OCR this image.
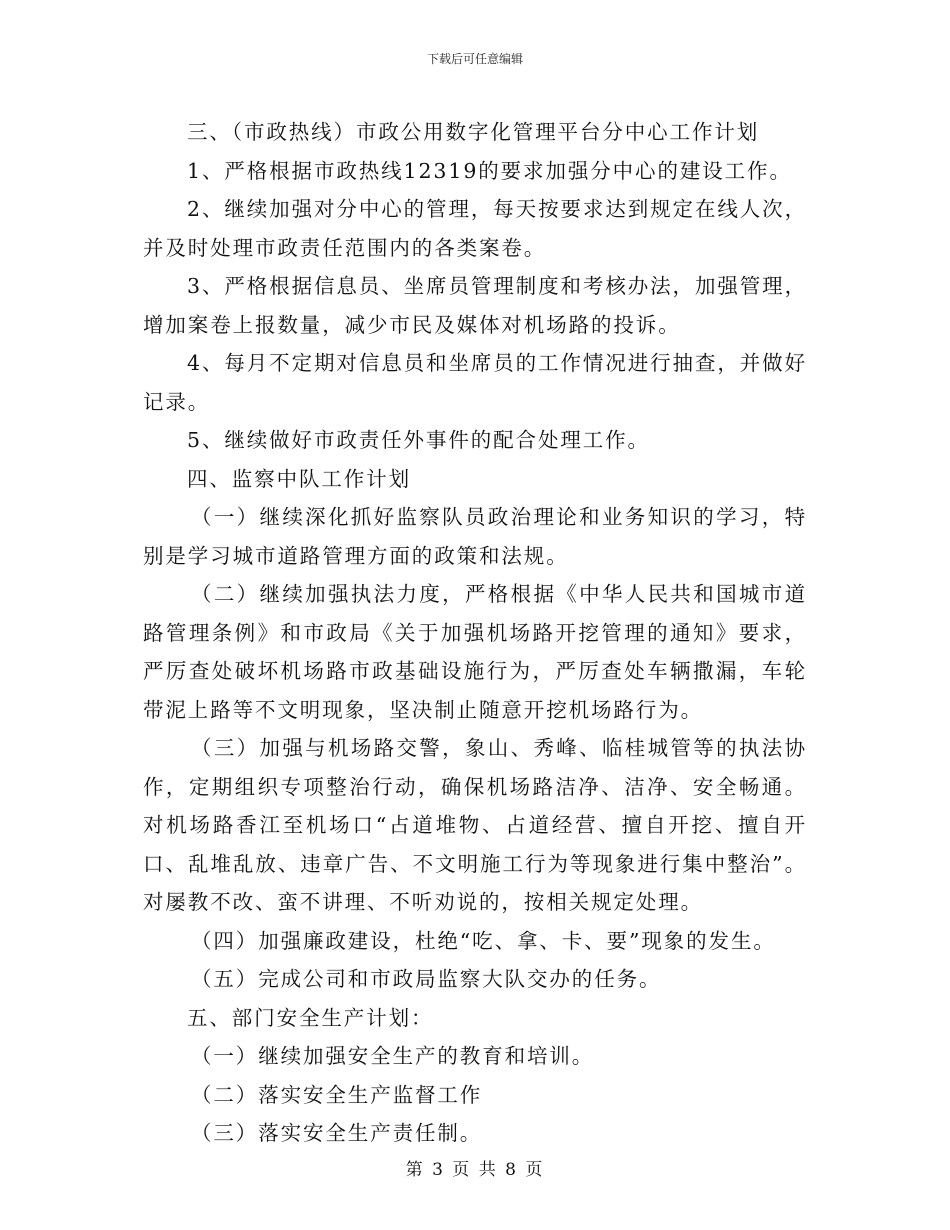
下载后可任意编辑

三、（市政热线）市政公用数字化管理平台分中心工作计划

1、严格根据市政热线12319的要求加强分中心的建设工作。

2、继续加强对分中心的管理，每天按要求达到规定在线人次，并及时处理市政责任范围内的各类案卷。

3、严格根据信息员、坐席员管理制度和考核办法，加强管理，增加案卷上报数量，减少市民及媒体对机场路的投诉。

4、每月不定期对信息员和坐席员的工作情况进行抽查，并做好记录。

5、继续做好市政责任外事件的配合处理工作。

四、监察中队工作计划

（一）继续深化抓好监察队员政治理论和业务知识的学习，特别是学习城市道路管理方面的政策和法规。

（二）继续加强执法力度，严格根据《中华人民共和国城市道路管理条例》和市政局《关于加强机场路开挖管理的通知》要求，严厉查处破坏机场路市政基础设施行为，严厉查处车辆撒漏，车轮带泥上路等不文明现象，坚决制止随意开挖机场路行为。

（三）加强与机场路交警，象山、秀峰、临桂城管等的执法协作，定期组织专项整治行动，确保机场路洁净、洁净、安全畅通。对机场路香江至机场口“占道堆物、占道经营、擅自开挖、擅自开口、乱堆乱放、违章广告、不文明施工行为等现象进行集中整治”。对屡教不改、蛮不讲理、不听劝说的，按相关规定处理。

（四）加强廉政建设，杜绝“吃、拿、卡、要”现象的发生。

（五）完成公司和市政局监察大队交办的任务。

五、部门安全生产计划：

（一）继续加强安全生产的教育和培训。

（二）落实安全生产监督工作

（三）落实安全生产责任制。

第 3 页 共 8 页
